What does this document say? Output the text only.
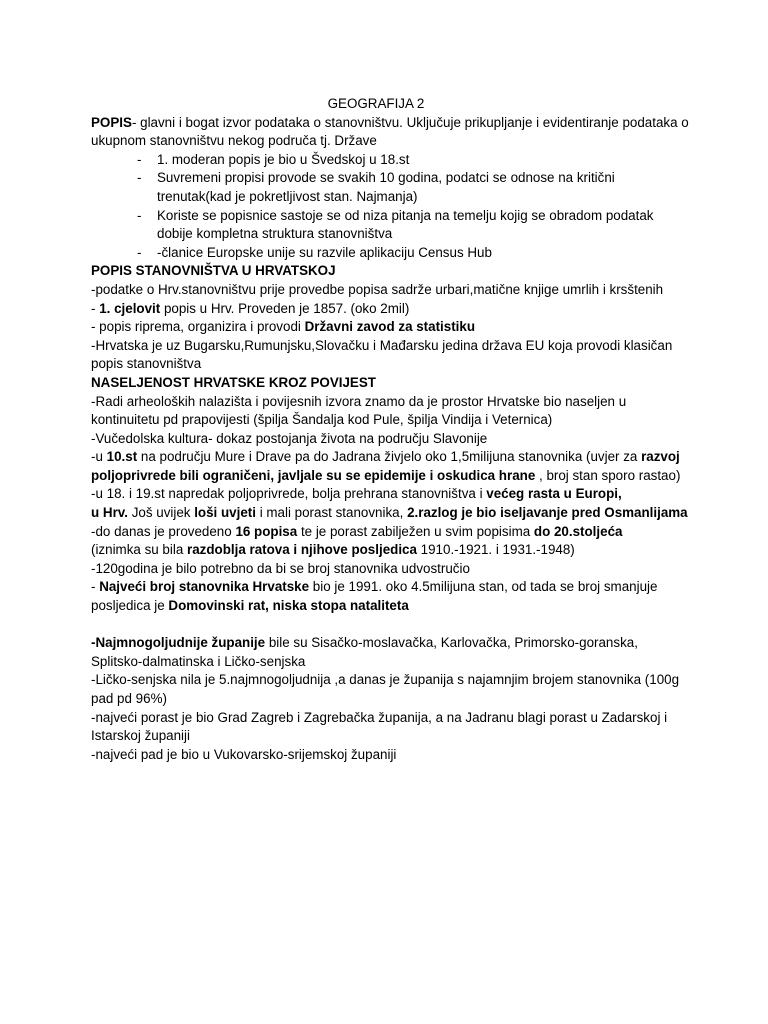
GEOGRAFIJA 2

POPIS- glavni i bogat izvor podataka o stanovništvu. Uključuje prikupljanje i evidentiranje podataka o ukupnom stanovništvu nekog područa tj. Države

- 1. moderan popis je bio u Švedskoj u 18.st
- Suvremeni propisi provode se svakih 10 godina, podatci se odnose na kritični trenutak(kad je pokretljivost stan. Najmanja)
- Koriste se popisnice sastoje se od niza pitanja na temelju kojig se obradom podatak dobije kompletna struktura stanovništva
- -članice Europske unije su razvile aplikaciju Census Hub

POPIS STANOVNIŠTVA U HRVATSKOJ

-podatke o Hrv.stanovništvu prije provedbe popisa sadrže urbari,matične knjige umrlih i krsštenih

- 1. cjelovit popis u Hrv. Proveden je 1857. (oko 2mil)

- popis riprema, organizira i provodi Državni zavod za statistiku

-Hrvatska je uz Bugarsku,Rumunjsku,Slovačku i Mađarsku jedina država EU koja provodi klasičan popis stanovništva

NASELJENOST HRVATSKE KROZ POVIJEST

-Radi arheoloških nalazišta i povijesnih izvora znamo da je prostor Hrvatske bio naseljen u kontinuitetu pd prapovijesti (špilja Šandalja kod Pule, špilja Vindija i Veternica)

-Vučedolska kultura- dokaz postojanja života na području Slavonije

-u 10.st na području Mure i Drave pa do Jadrana živjelo oko 1,5milijuna stanovnika (uvjer za razvoj poljoprivrede bili ograničeni, javljale su se epidemije i oskudica hrane , broj stan sporo rastao)

-u 18. i 19.st napredak poljoprivrede, bolja prehrana stanovništva i većeg rasta u Europi,
u Hrv. Još uvijek loši uvjeti i mali porast stanovnika, 2.razlog je bio iseljavanje pred Osmanlijama

-do danas je provedeno 16 popisa te je porast zabilježen u svim popisima do 20.stoljeća
(iznimka su bila razdoblja ratova i njihove posljedica 1910.-1921. i 1931.-1948)

-120godina je bilo potrebno da bi se broj stanovnika udvostručio

- Najveći broj stanovnika Hrvatske bio je 1991. oko 4.5milijuna stan, od tada se broj smanjuje posljedica je Domovinski rat, niska stopa nataliteta

-Najmnogoljudnije županije bile su Sisačko-moslavačka, Karlovačka, Primorsko-goranska, Splitsko-dalmatinska i Ličko-senjska

-Ličko-senjska nila je 5.najmnogoljudnija ,a danas je županija s najamnjim brojem stanovnika (100g pad pd 96%)

-najveći porast je bio Grad Zagreb i Zagrebačka županija, a na Jadranu blagi porast u Zadarskoj i Istarskoj županiji

-najveći pad je bio u Vukovarsko-srijemskoj županiji
